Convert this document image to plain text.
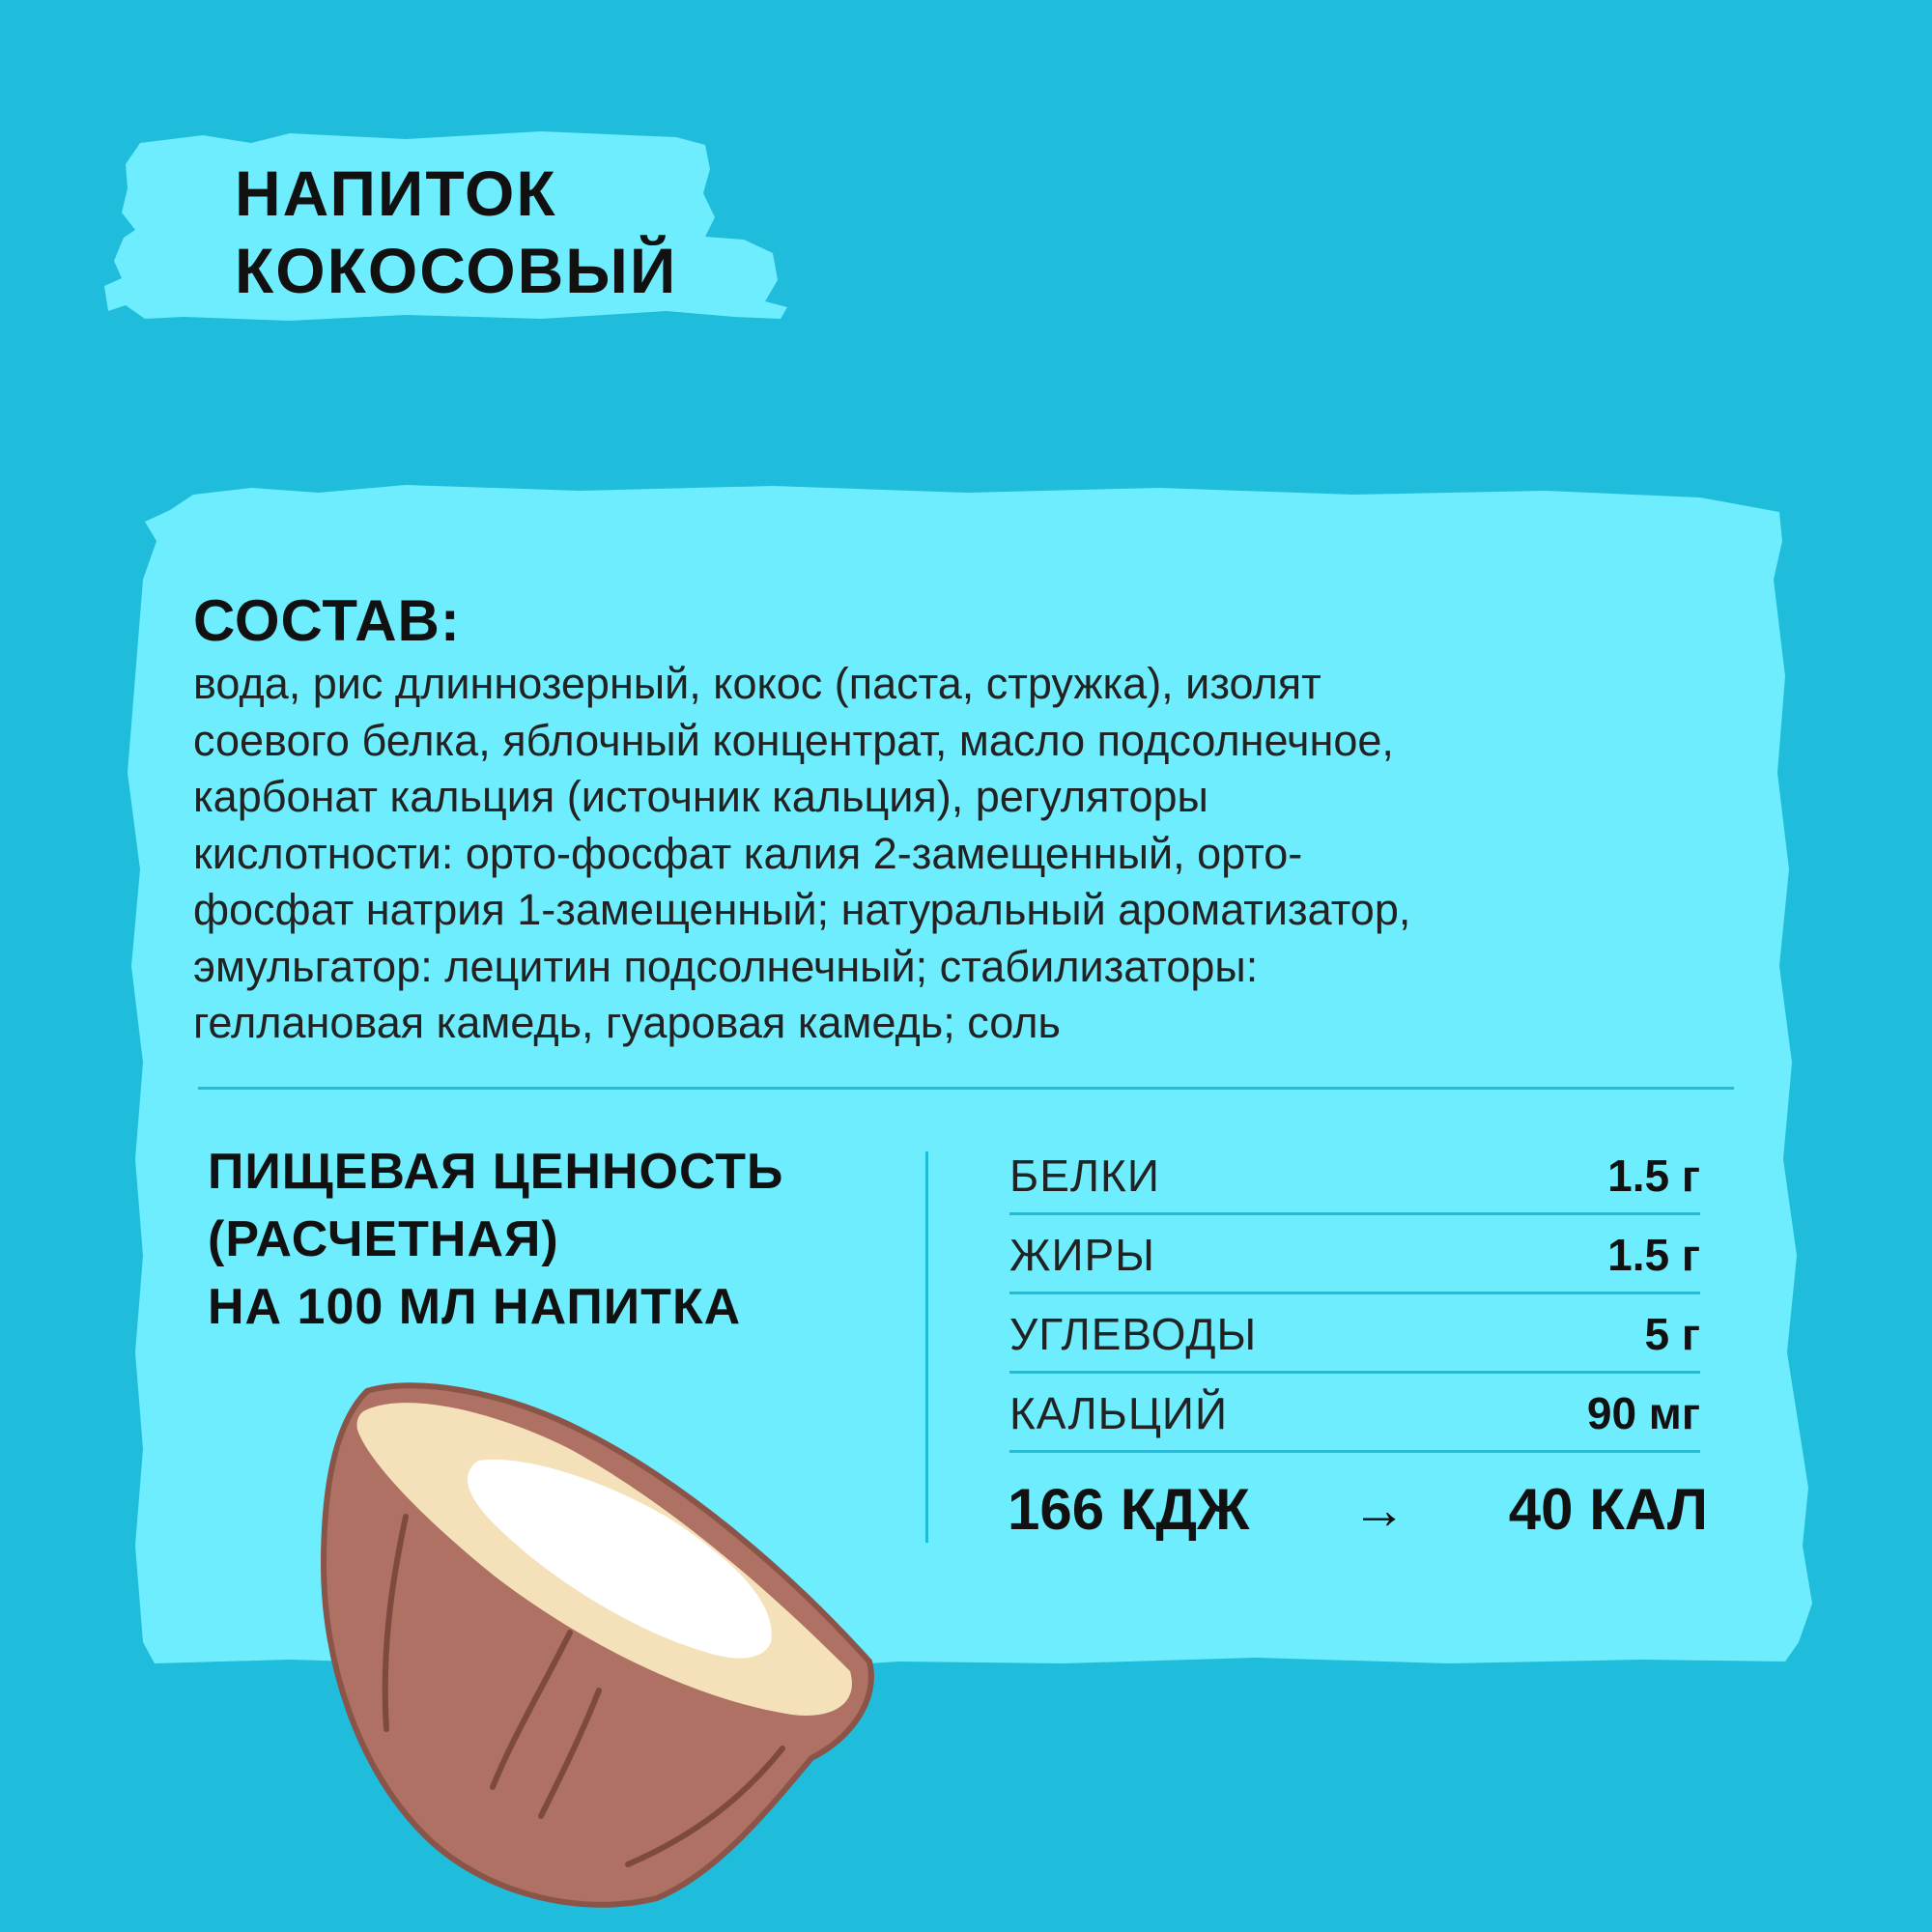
НАПИТОК
КОКОСОВЫЙ
СОСТАВ:
вода, рис длиннозерный, кокос (паста, стружка), изолят
соевого белка, яблочный концентрат, масло подсолнечное,
карбонат кальция (источник кальция), регуляторы
кислотности: орто-фосфат калия 2-замещенный, орто-
фосфат натрия 1-замещенный; натуральный ароматизатор,
эмульгатор: лецитин подсолнечный; стабилизаторы:
геллановая камедь, гуаровая камедь; соль
ПИЩЕВАЯ ЦЕННОСТЬ
(РАСЧЕТНАЯ)
НА 100 МЛ НАПИТКА
БЕЛКИ	1.5 г
ЖИРЫ	1.5 г
УГЛЕВОДЫ	5 г
КАЛЬЦИЙ	90 мг
166 КДЖ → 40 КАЛ
